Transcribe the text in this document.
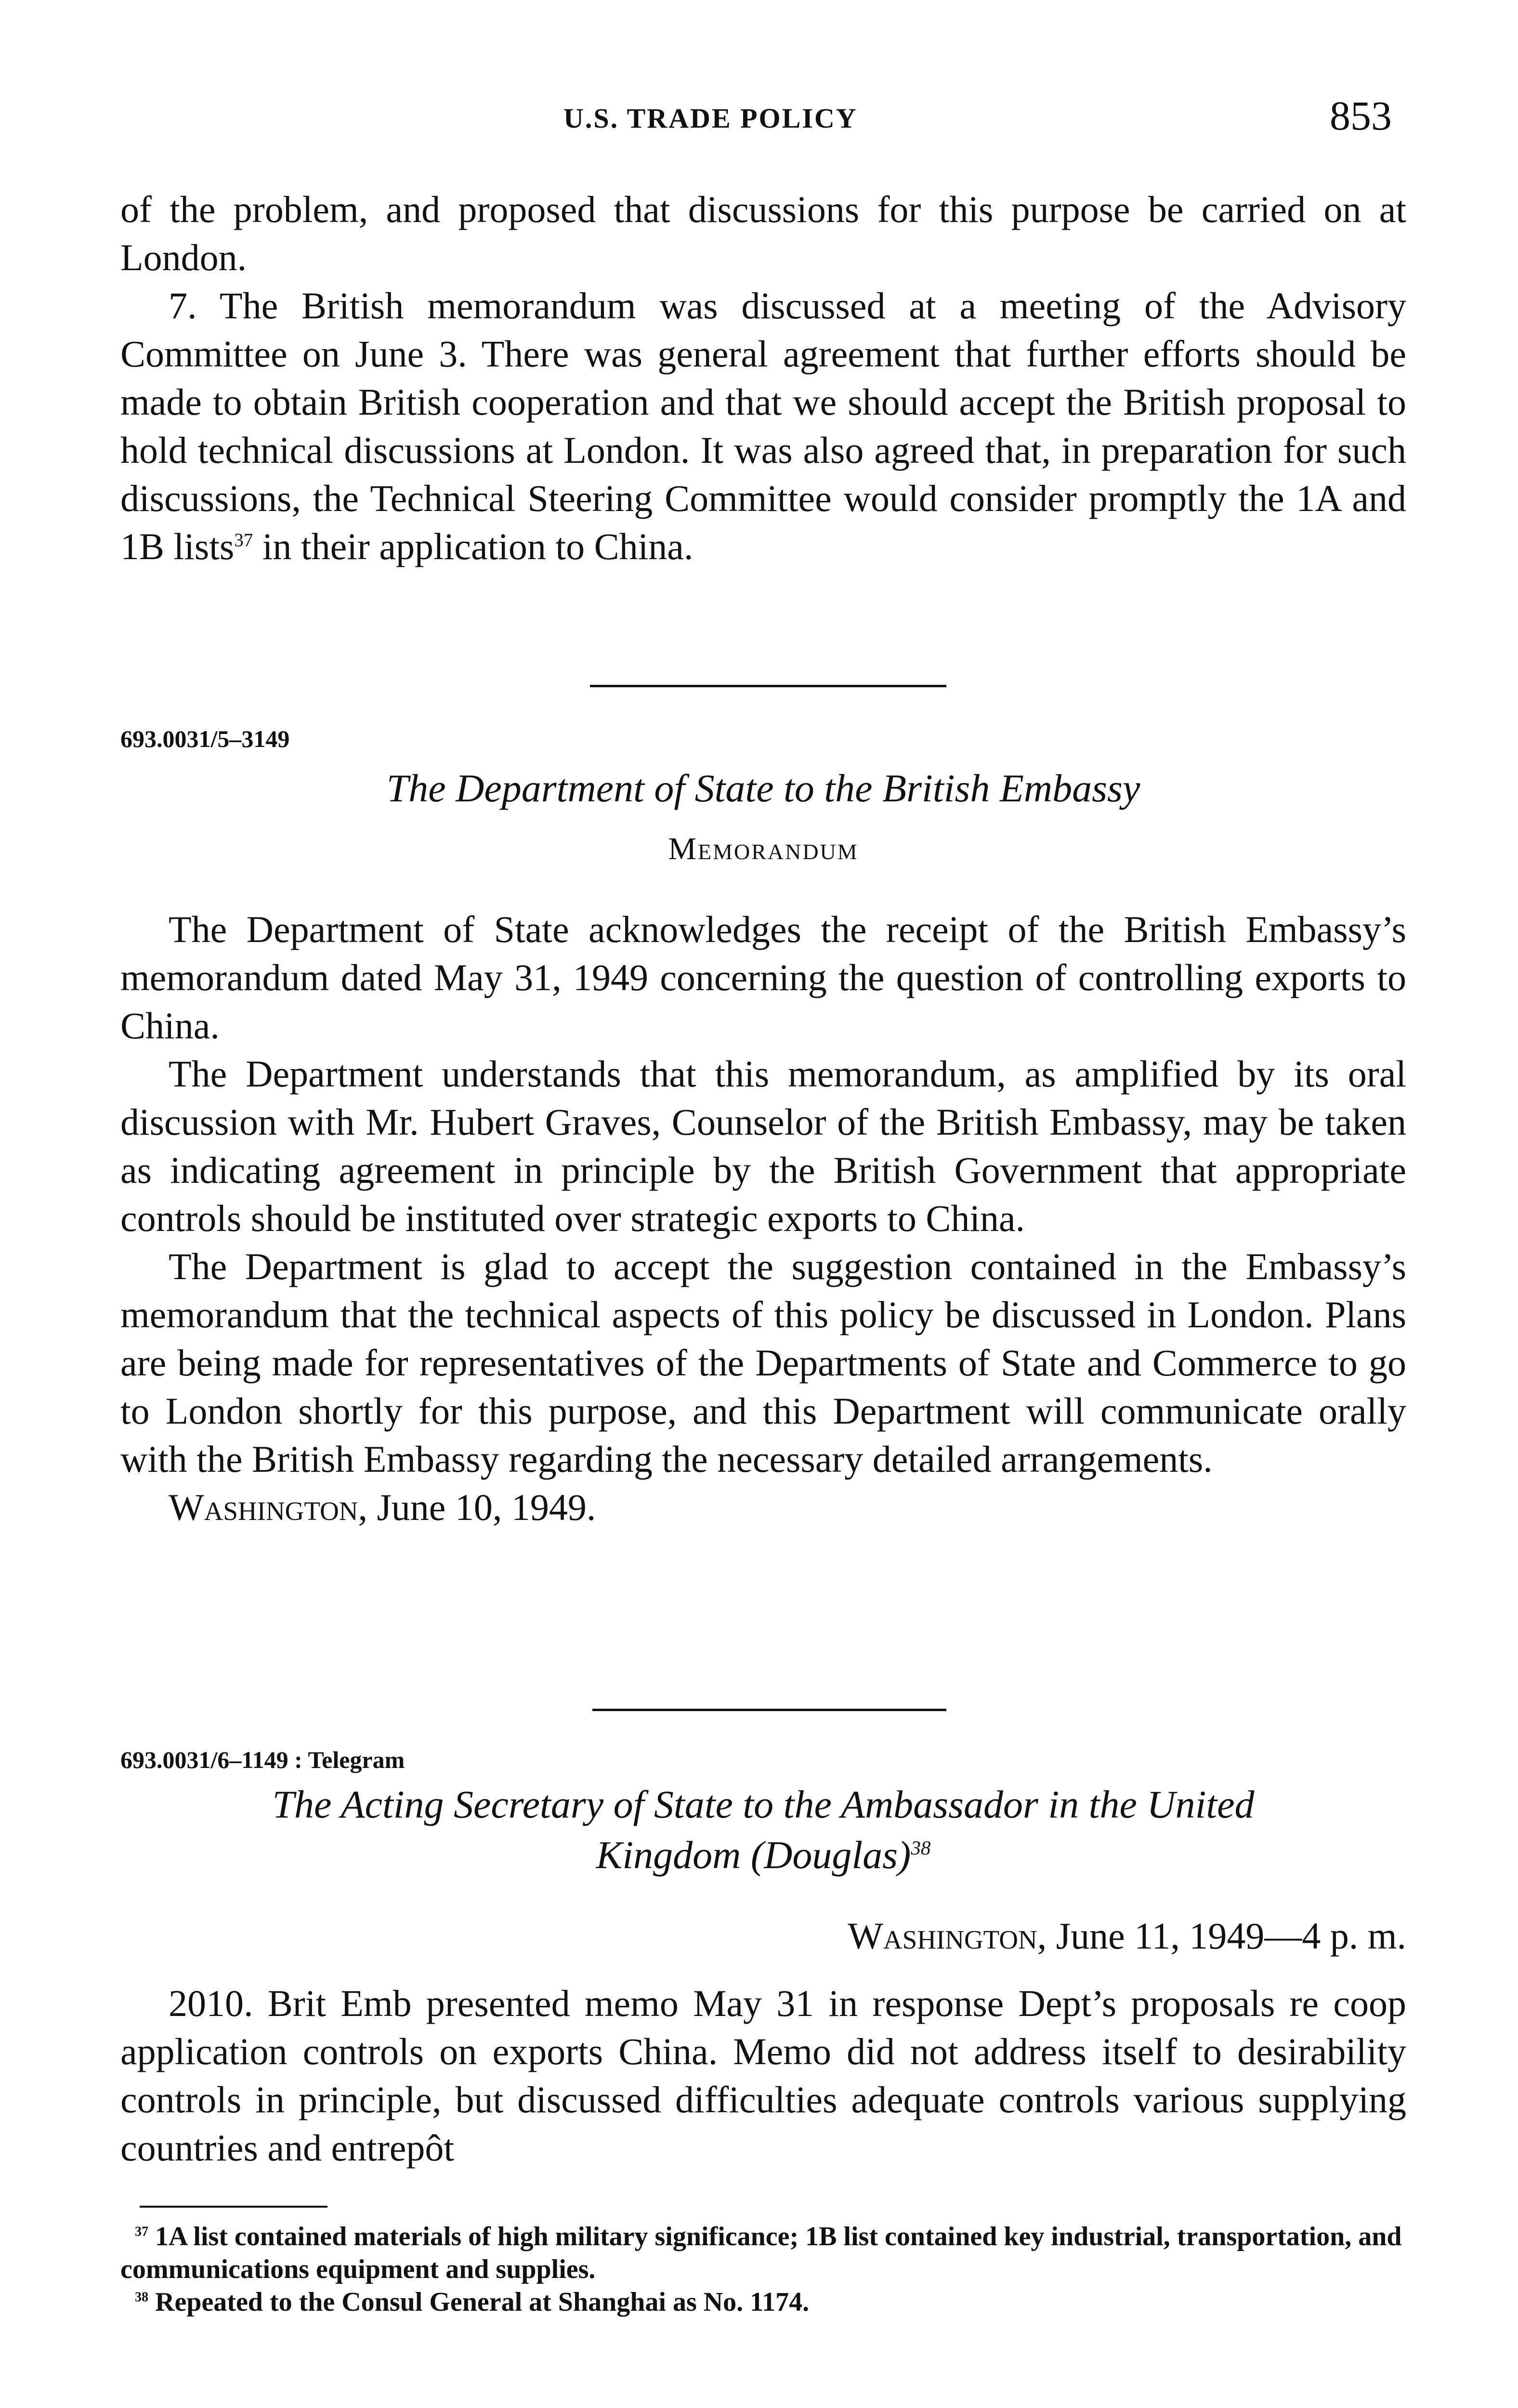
U.S. TRADE POLICY	853

of the problem, and proposed that discussions for this purpose be carried on at London.

7. The British memorandum was discussed at a meeting of the Advisory Committee on June 3. There was general agreement that further efforts should be made to obtain British cooperation and that we should accept the British proposal to hold technical discussions at London. It was also agreed that, in preparation for such discussions, the Technical Steering Committee would consider promptly the 1A and 1B lists$^{37}$ in their application to China.

693.0031/5–3149
The Department of State to the British Embassy
Memorandum

The Department of State acknowledges the receipt of the British Embassy’s memorandum dated May 31, 1949 concerning the question of controlling exports to China.

The Department understands that this memorandum, as amplified by its oral discussion with Mr. Hubert Graves, Counselor of the British Embassy, may be taken as indicating agreement in principle by the British Government that appropriate controls should be instituted over strategic exports to China.

The Department is glad to accept the suggestion contained in the Embassy’s memorandum that the technical aspects of this policy be discussed in London. Plans are being made for representatives of the Departments of State and Commerce to go to London shortly for this purpose, and this Department will communicate orally with the British Embassy regarding the necessary detailed arrangements.

Washington, June 10, 1949.

693.0031/6–1149 : Telegram
The Acting Secretary of State to the Ambassador in the United
Kingdom (Douglas)$^{38}$
Washington, June 11, 1949—4 p. m.

2010. Brit Emb presented memo May 31 in response Dept’s proposals re coop application controls on exports China. Memo did not address itself to desirability controls in principle, but discussed difficulties adequate controls various supplying countries and entrepôt

$^{37}$ 1A list contained materials of high military significance; 1B list contained key industrial, transportation, and communications equipment and supplies.

$^{38}$ Repeated to the Consul General at Shanghai as No. 1174.
